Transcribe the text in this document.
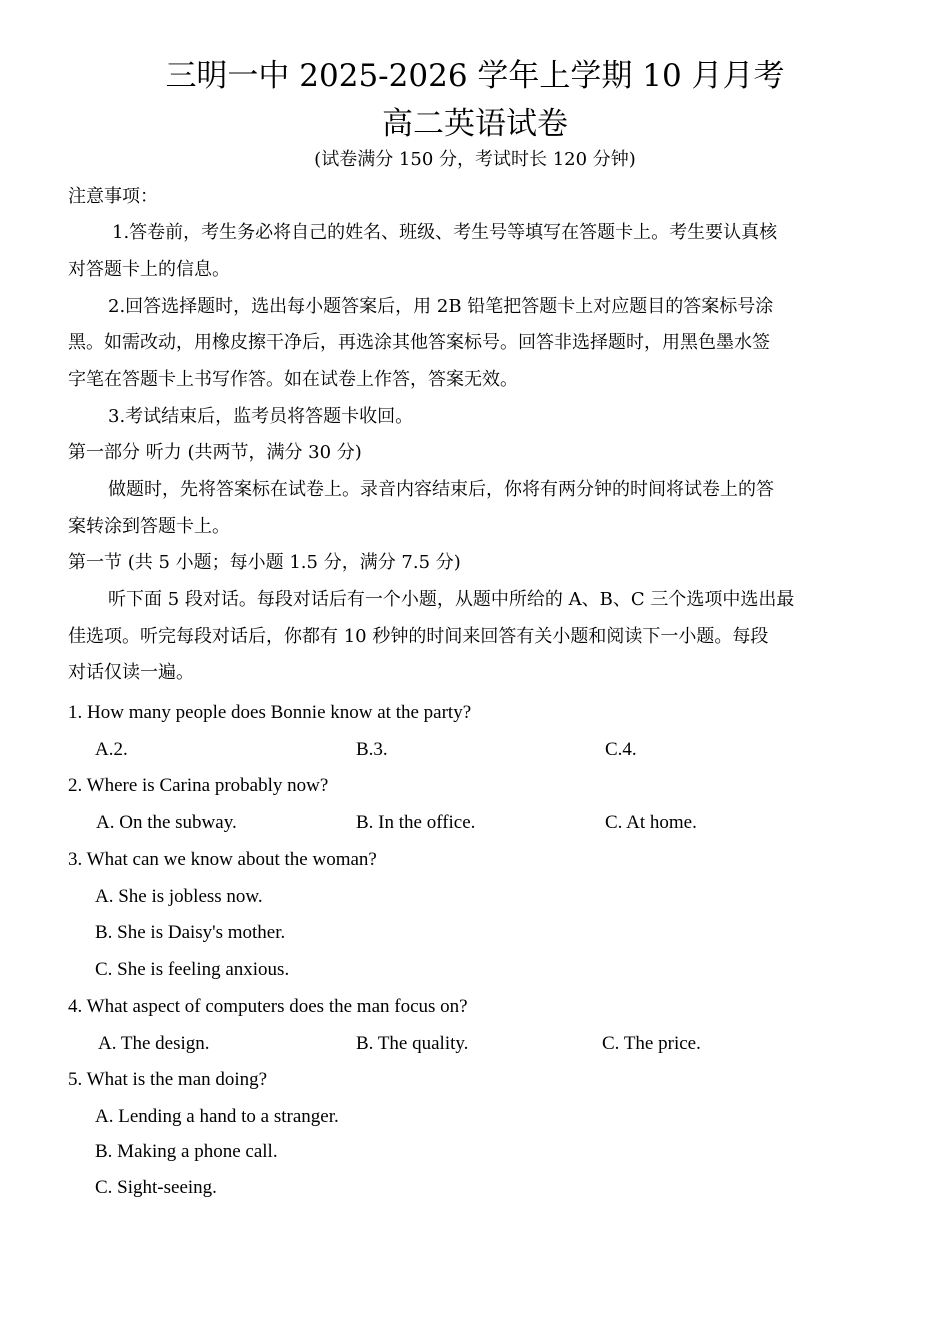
三明一中 2025-2026 学年上学期 10 月月考
高二英语试卷
(试卷满分 150 分，考试时长 120 分钟)
注意事项：
1.答卷前，考生务必将自己的姓名、班级、考生号等填写在答题卡上。考生要认真核
对答题卡上的信息。
2.回答选择题时，选出每小题答案后，用 2B 铅笔把答题卡上对应题目的答案标号涂
黑。如需改动，用橡皮擦干净后，再选涂其他答案标号。回答非选择题时，用黑色墨水签
字笔在答题卡上书写作答。如在试卷上作答，答案无效。
3.考试结束后，监考员将答题卡收回。
第一部分 听力 (共两节，满分 30 分)
做题时，先将答案标在试卷上。录音内容结束后，你将有两分钟的时间将试卷上的答
案转涂到答题卡上。
第一节 (共 5 小题；每小题 1.5 分，满分 7.5 分)
听下面 5 段对话。每段对话后有一个小题，从题中所给的 A、B、C 三个选项中选出最
佳选项。听完每段对话后，你都有 10 秒钟的时间来回答有关小题和阅读下一小题。每段
对话仅读一遍。
1. How many people does Bonnie know at the party?
A.2.	B.3.	C.4.
2. Where is Carina probably now?
A. On the subway.	B. In the office.	C. At home.
3. What can we know about the woman?
A. She is jobless now.
B. She is Daisy's mother.
C. She is feeling anxious.
4. What aspect of computers does the man focus on?
A. The design.	B. The quality.	C. The price.
5. What is the man doing?
A. Lending a hand to a stranger.
B. Making a phone call.
C. Sight-seeing.
